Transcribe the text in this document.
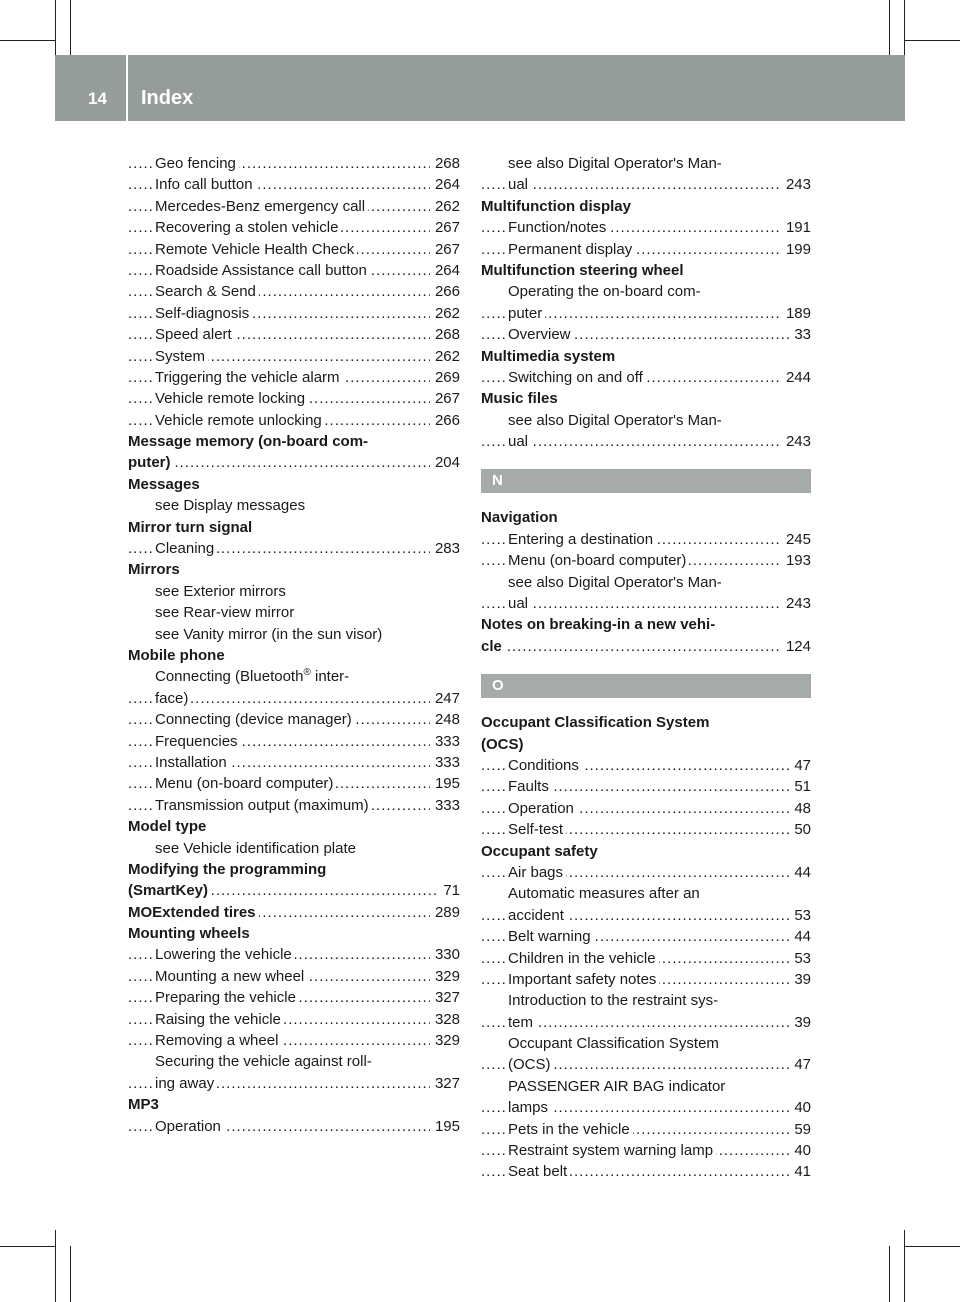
14 Index
Geo fencing	268
.....
Info call button	264
.....
Mercedes-Benz emergency call	262
.....
Recovering a stolen vehicle	267
.....
Remote Vehicle Health Check	267
.....
Roadside Assistance call button	264
.....
Search & Send	266
.....
Self-diagnosis	262
.....
Speed alert	268
.....
System	262
.....
Triggering the vehicle alarm	269
.....
Vehicle remote locking	267
.....
Vehicle remote unlocking	266
.....
Message memory (on-board com-
puter)	204
.....
Messages
see Display messages
Mirror turn signal
Cleaning	283
.....
Mirrors
see Exterior mirrors
see Rear-view mirror
see Vanity mirror (in the sun visor)
Mobile phone
Connecting (Bluetooth® inter-
face)	247
.....
Connecting (device manager)	248
.....
Frequencies	333
.....
Installation	333
.....
Menu (on-board computer)	195
.....
Transmission output (maximum)	333
.....
Model type
see Vehicle identification plate
Modifying the programming
(SmartKey)	71
.....
MOExtended tires	289
.....
Mounting wheels
Lowering the vehicle	330
.....
Mounting a new wheel	329
.....
Preparing the vehicle	327
.....
Raising the vehicle	328
.....
Removing a wheel	329
.....
Securing the vehicle against roll-
ing away	327
.....
MP3
Operation	195
.....
see also Digital Operator's Man-
ual	243
.....
Multifunction display
Function/notes	191
.....
Permanent display	199
.....
Multifunction steering wheel
Operating the on-board com-
puter	189
.....
Overview	33
.....
Multimedia system
Switching on and off	244
.....
Music files
see also Digital Operator's Man-
ual	243
.....
N
Navigation
Entering a destination	245
.....
Menu (on-board computer)	193
.....
see also Digital Operator's Man-
ual	243
.....
Notes on breaking-in a new vehi-
cle	124
.....
O
Occupant Classification System
(OCS)
Conditions	47
.....
Faults	51
.....
Operation	48
.....
Self-test	50
.....
Occupant safety
Air bags	44
.....
Automatic measures after an
accident	53
.....
Belt warning	44
.....
Children in the vehicle	53
.....
Important safety notes	39
.....
Introduction to the restraint sys-
tem	39
.....
Occupant Classification System
(OCS)	47
.....
PASSENGER AIR BAG indicator
lamps	40
.....
Pets in the vehicle	59
.....
Restraint system warning lamp	40
.....
Seat belt	41
.....
